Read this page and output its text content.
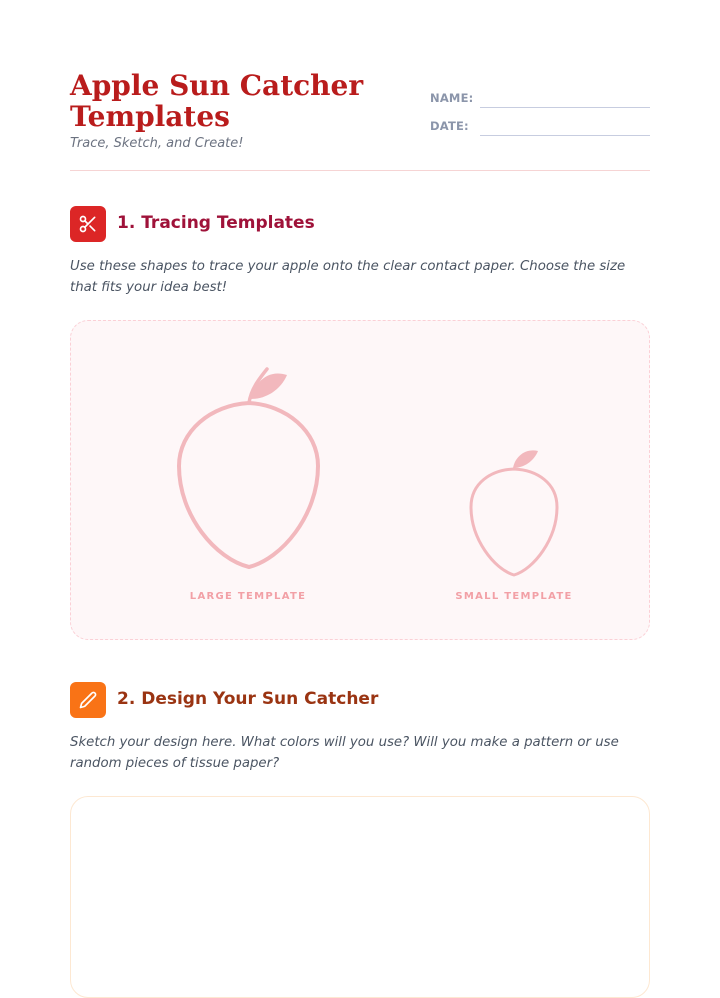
Apple Sun Catcher Templates
Trace, Sketch, and Create!
NAME:
DATE:
1. Tracing Templates
Use these shapes to trace your apple onto the clear contact paper. Choose the size that fits your idea best!
LARGE TEMPLATE	SMALL TEMPLATE
2. Design Your Sun Catcher
Sketch your design here. What colors will you use? Will you make a pattern or use random pieces of tissue paper?
